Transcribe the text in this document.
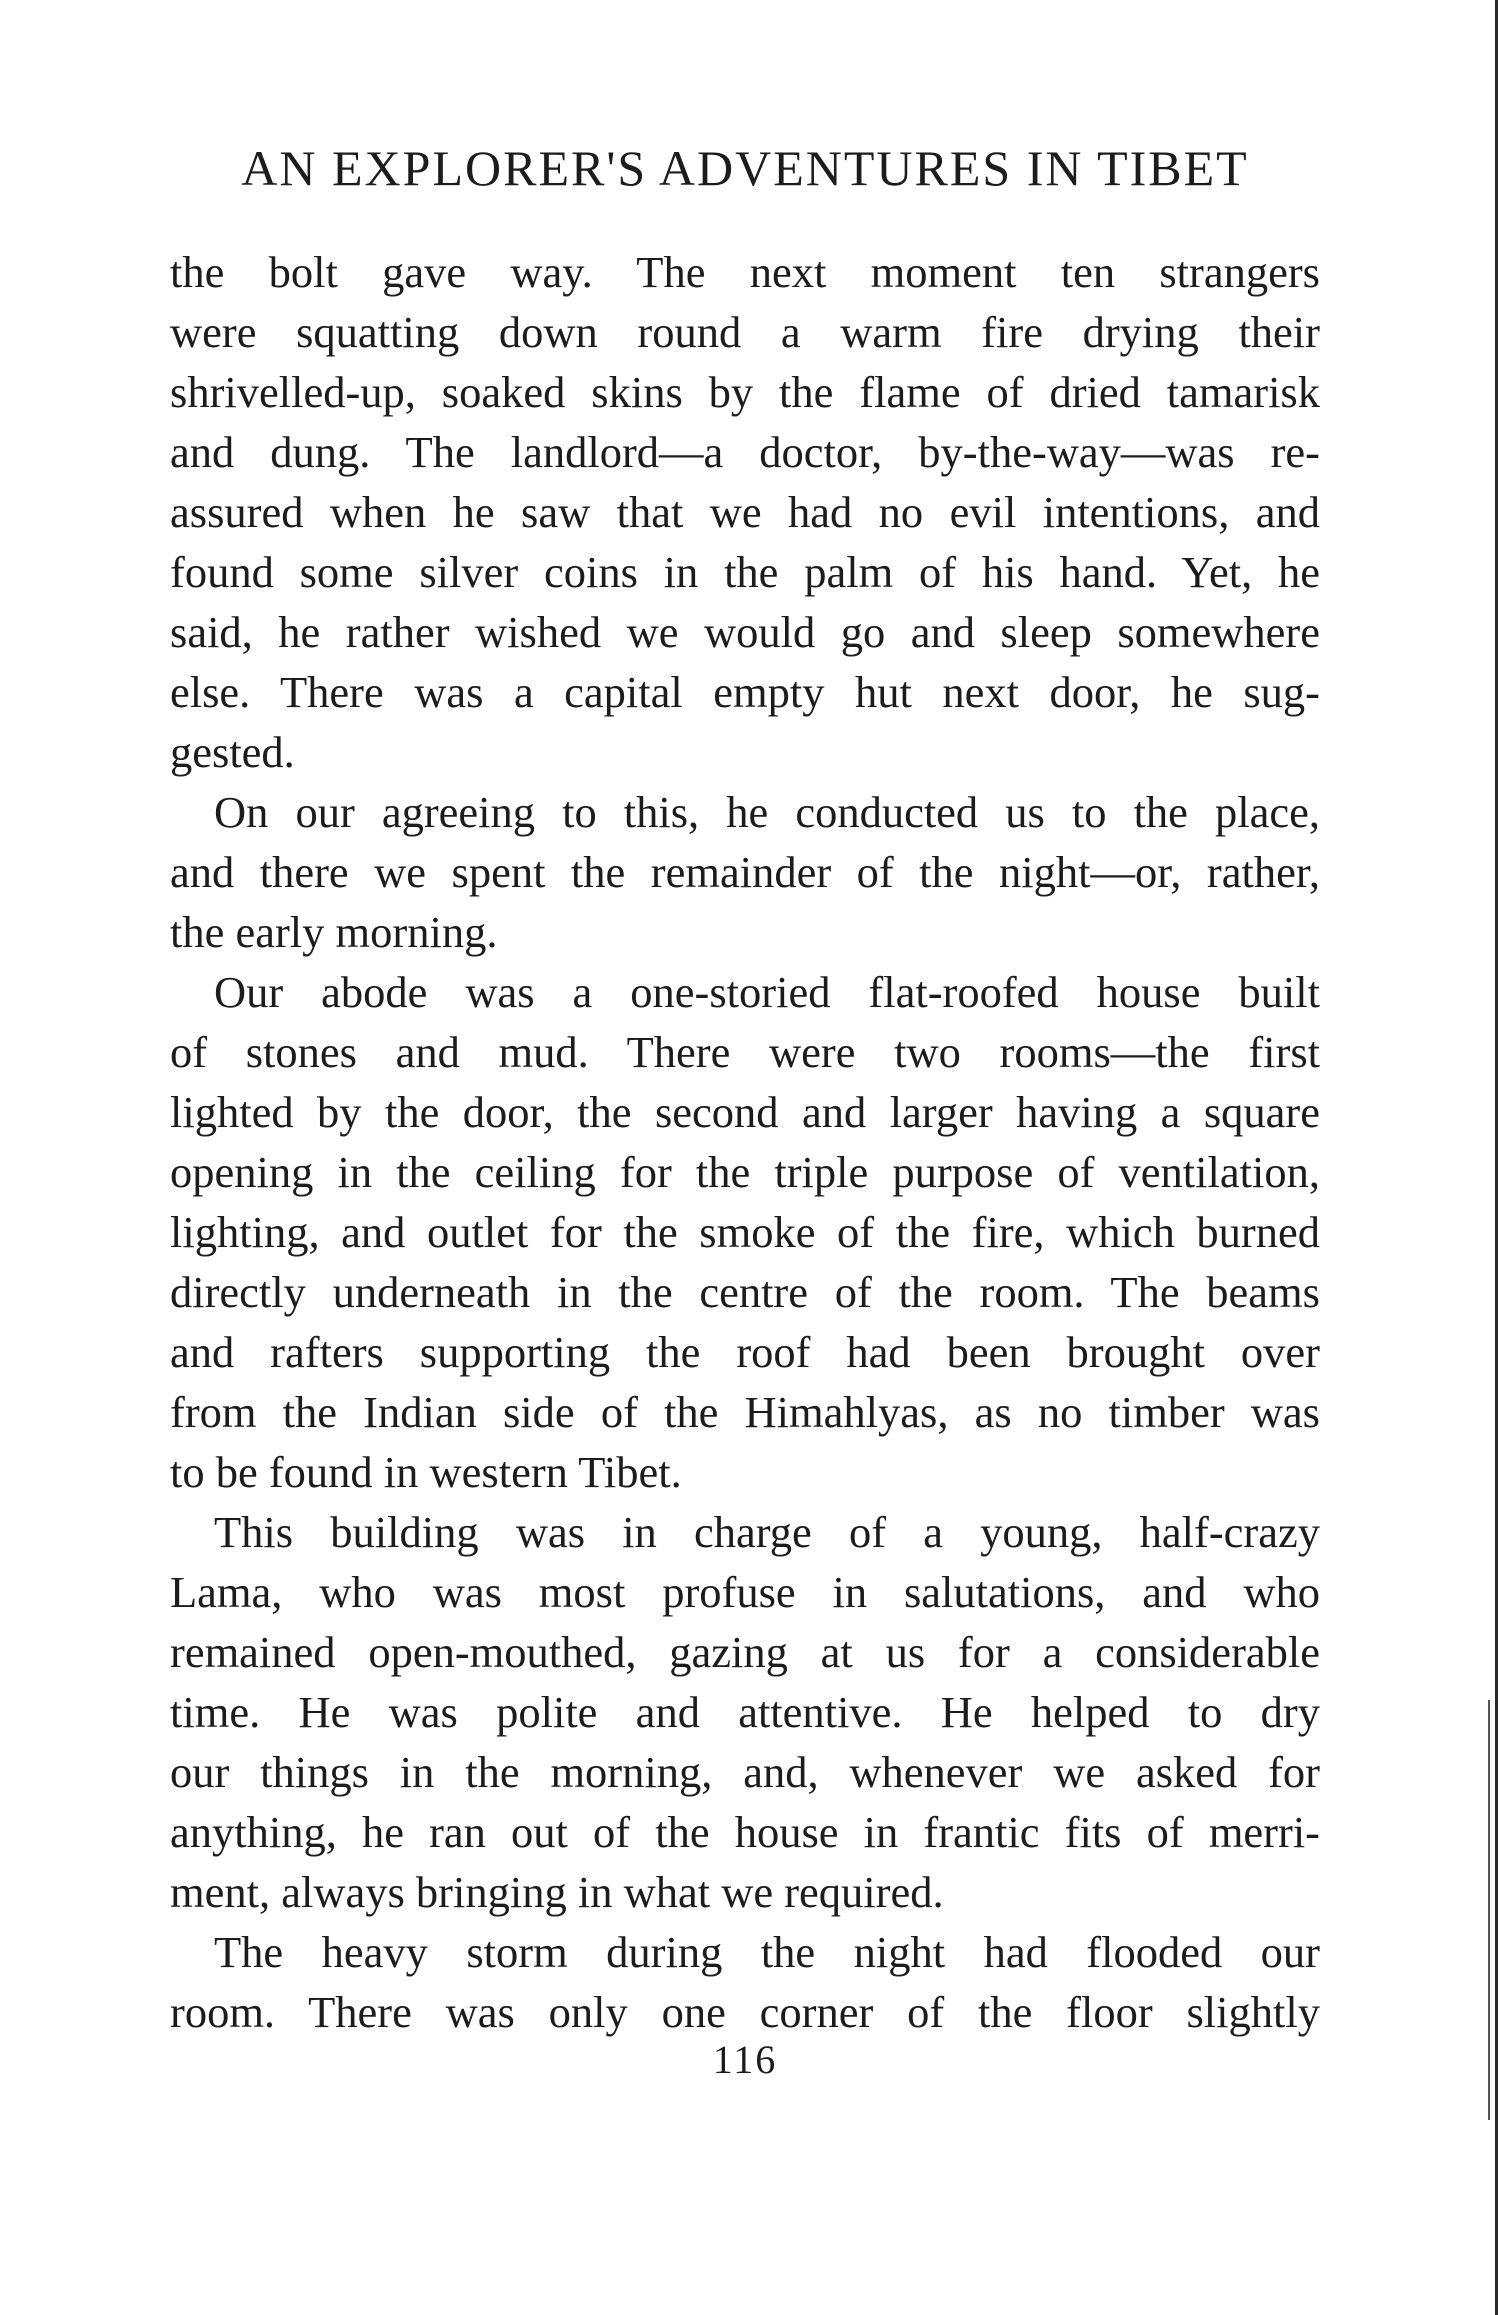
AN EXPLORER'S ADVENTURES IN TIBET
the bolt gave way. The next moment ten strangers
were squatting down round a warm fire drying their
shrivelled-up, soaked skins by the flame of dried tamarisk
and dung. The landlord—a doctor, by-the-way—was re-
assured when he saw that we had no evil intentions, and
found some silver coins in the palm of his hand. Yet, he
said, he rather wished we would go and sleep somewhere
else. There was a capital empty hut next door, he sug-
gested.
On our agreeing to this, he conducted us to the place,
and there we spent the remainder of the night—or, rather,
the early morning.
Our abode was a one-storied flat-roofed house built
of stones and mud. There were two rooms—the first
lighted by the door, the second and larger having a square
opening in the ceiling for the triple purpose of ventilation,
lighting, and outlet for the smoke of the fire, which burned
directly underneath in the centre of the room. The beams
and rafters supporting the roof had been brought over
from the Indian side of the Himahlyas, as no timber was
to be found in western Tibet.
This building was in charge of a young, half-crazy
Lama, who was most profuse in salutations, and who
remained open-mouthed, gazing at us for a considerable
time. He was polite and attentive. He helped to dry
our things in the morning, and, whenever we asked for
anything, he ran out of the house in frantic fits of merri-
ment, always bringing in what we required.
The heavy storm during the night had flooded our
room. There was only one corner of the floor slightly
116
